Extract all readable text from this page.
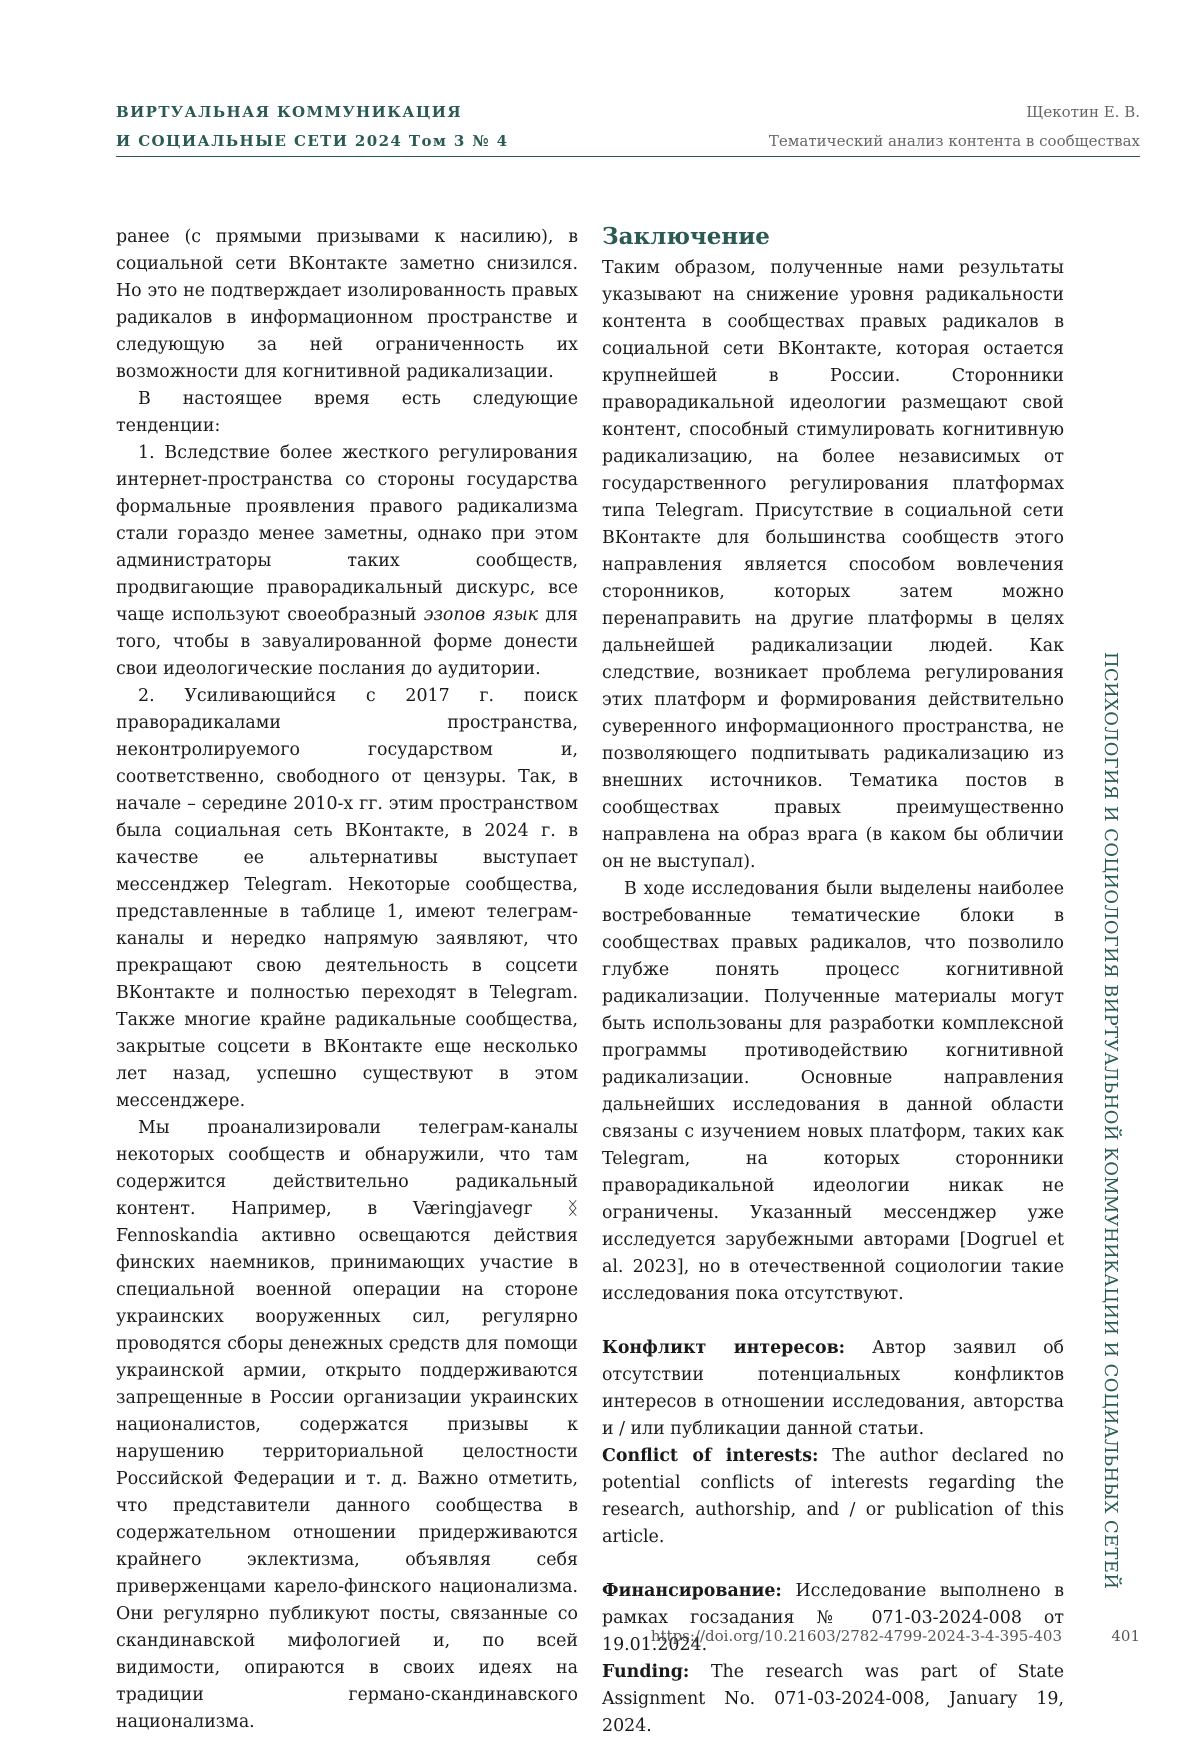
ВИРТУАЛЬНАЯ КОММУНИКАЦИЯ
И СОЦИАЛЬНЫЕ СЕТИ 2024 Том 3 № 4
Щекотин Е. В.
Тематический анализ контента в сообществах

ранее (с прямыми призывами к насилию), в социальной сети ВКонтакте заметно снизился. Но это не подтверждает изолированность правых радикалов в информационном пространстве и следующую за ней ограниченность их возможности для когнитивной радикализации.

В настоящее время есть следующие тенденции:

1. Вследствие более жесткого регулирования интернет-пространства со стороны государства формальные проявления правого радикализма стали гораздо менее заметны, однако при этом администраторы таких сообществ, продвигающие праворадикальный дискурс, все чаще используют своеобразный эзопов язык для того, чтобы в завуалированной форме донести свои идеологические послания до аудитории.

2. Усиливающийся с 2017 г. поиск праворадикалами пространства, неконтролируемого государством и, соответственно, свободного от цензуры. Так, в начале – середине 2010-х гг. этим пространством была социальная сеть ВКонтакте, в 2024 г. в качестве ее альтернативы выступает мессенджер Telegram. Некоторые сообщества, представленные в таблице 1, имеют телеграм-каналы и нередко напрямую заявляют, что прекращают свою деятельность в соцсети ВКонтакте и полностью переходят в Telegram. Также многие крайне радикальные сообщества, закрытые соцсети в ВКонтакте еще несколько лет назад, успешно существуют в этом мессенджере.

Мы проанализировали телеграм-каналы некоторых сообществ и обнаружили, что там содержится действительно радикальный контент. Например, в Væringjavegr ᛝ Fennoskandia активно освещаются действия финских наемников, принимающих участие в специальной военной операции на стороне украинских вооруженных сил, регулярно проводятся сборы денежных средств для помощи украинской армии, открыто поддерживаются запрещенные в России организации украинских националистов, содержатся призывы к нарушению территориальной целостности Российской Федерации и т. д. Важно отметить, что представители данного сообщества в содержательном отношении придерживаются крайнего эклектизма, объявляя себя приверженцами карело-финского национализма. Они регулярно публикуют посты, связанные со скандинавской мифологией и, по всей видимости, опираются в своих идеях на традиции германо-скандинавского национализма.

Заключение

Таким образом, полученные нами результаты указывают на снижение уровня радикальности контента в сообществах правых радикалов в социальной сети ВКонтакте, которая остается крупнейшей в России. Сторонники праворадикальной идеологии размещают свой контент, способный стимулировать когнитивную радикализацию, на более независимых от государственного регулирования платформах типа Telegram. Присутствие в социальной сети ВКонтакте для большинства сообществ этого направления является способом вовлечения сторонников, которых затем можно перенаправить на другие платформы в целях дальнейшей радикализации людей. Как следствие, возникает проблема регулирования этих платформ и формирования действительно суверенного информационного пространства, не позволяющего подпитывать радикализацию из внешних источников. Тематика постов в сообществах правых преимущественно направлена на образ врага (в каком бы обличии он не выступал).

В ходе исследования были выделены наиболее востребованные тематические блоки в сообществах правых радикалов, что позволило глубже понять процесс когнитивной радикализации. Полученные материалы могут быть использованы для разработки комплексной программы противодействию когнитивной радикализации. Основные направления дальнейших исследования в данной области связаны с изучением новых платформ, таких как Telegram, на которых сторонники праворадикальной идеологии никак не ограничены. Указанный мессенджер уже исследуется зарубежными авторами [Dogruel et al. 2023], но в отечественной социологии такие исследования пока отсутствуют.

Конфликт интересов: Автор заявил об отсутствии потенциальных конфликтов интересов в отношении исследования, авторства и / или публикации данной статьи.

Conflict of interests: The author declared no potential conflicts of interests regarding the research, authorship, and / or publication of this article.

Финансирование: Исследование выполнено в рамках госзадания № 071-03-2024-008 от 19.01.2024.

Funding: The research was part of State Assignment No. 071-03-2024-008, January 19, 2024.

ПСИХОЛОГИЯ И СОЦИОЛОГИЯ ВИРТУАЛЬНОЙ КОММУНИКАЦИИ И СОЦИАЛЬНЫХ СЕТЕЙ
https://doi.org/10.21603/2782-4799-2024-3-4-395-403	401
